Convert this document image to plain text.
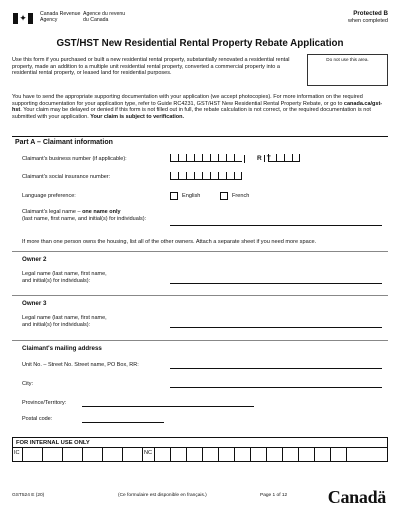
✦	Canada Revenue
Agency
Agence du revenu
du Canada
Protected B
when completed
GST/HST New Residential Rental Property Rebate Application
Do not use this area.
Use this form if you purchased or built a new residential rental property, substantially renovated a residential rental property, made an addition to a multiple unit residential rental property, converted a commercial property into a residential rental property, or leased land for residential purposes.
You have to send the appropriate supporting documentation with your application (we accept photocopies). For more information on the required supporting documentation for your application type, refer to Guide RC4231, GST/HST New Residential Rental Property Rebate, or go to canada.ca/gst-hst. Your claim may be delayed or denied if this form is not filled out in full, the rebate calculation is not correct, or the required documentation is not submitted with your application. Your claim is subject to verification.
Part A – Claimant information
Claimant's business number (if applicable):	R T
Claimant's social insurance number:
Language preference:	English	French
Claimant's legal name – one name only
(last name, first name, and initial(s) for individuals):
If more than one person owns the housing, list all of the other owners. Attach a separate sheet if you need more space.
Owner 2
Legal name (last name, first name,
and initial(s) for individuals):
Owner 3
Legal name (last name, first name,
and initial(s) for individuals):
Claimant's mailing address
Unit No. – Street No. Street name, PO Box, RR:
City:
Province/Territory:
Postal code:
FOR INTERNAL USE ONLY
IC	NC
GST524 E (20)	(Ce formulaire est disponible en français.)	Page 1 of 12 Canadä
